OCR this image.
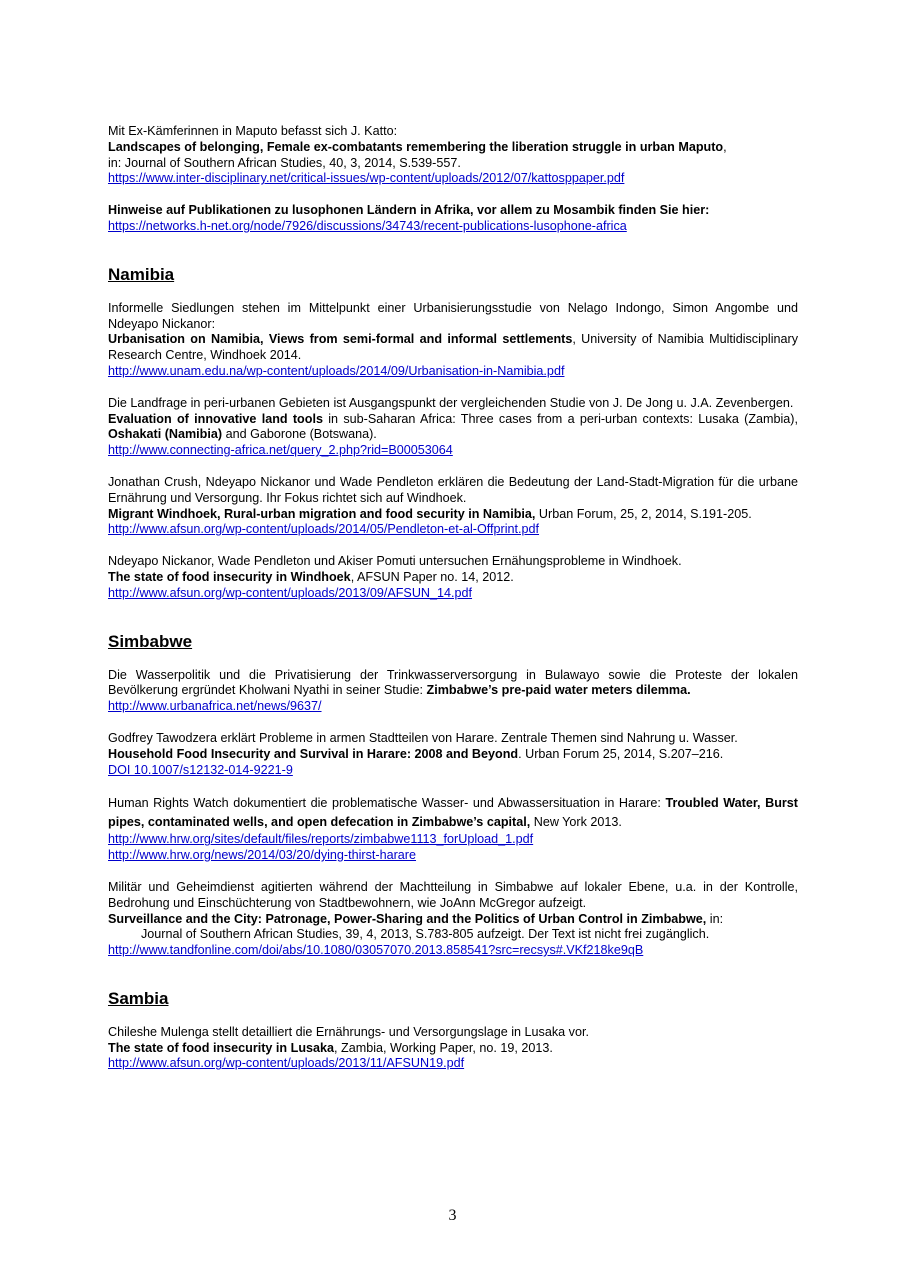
Mit Ex-Kämferinnen in Maputo befasst sich J. Katto:

Landscapes of belonging, Female ex-combatants remembering the liberation struggle in urban Maputo,

in: Journal of Southern African Studies, 40, 3, 2014, S.539-557.

https://www.inter-disciplinary.net/critical-issues/wp-content/uploads/2012/07/kattosppaper.pdf

Hinweise auf Publikationen zu lusophonen Ländern in Afrika, vor allem zu Mosambik finden Sie hier:

https://networks.h-net.org/node/7926/discussions/34743/recent-publications-lusophone-africa

Namibia

Informelle Siedlungen stehen im Mittelpunkt einer Urbanisierungsstudie von Nelago Indongo, Simon Angombe und Ndeyapo Nickanor:

Urbanisation on Namibia, Views from semi-formal and informal settlements, University of Namibia Multidisciplinary Research Centre, Windhoek 2014.

http://www.unam.edu.na/wp-content/uploads/2014/09/Urbanisation-in-Namibia.pdf

Die Landfrage in peri-urbanen Gebieten ist Ausgangspunkt der vergleichenden Studie von J. De Jong u. J.A. Zevenbergen.

Evaluation of innovative land tools in sub-Saharan Africa: Three cases from a peri-urban contexts: Lusaka (Zambia), Oshakati (Namibia) and Gaborone (Botswana).

http://www.connecting-africa.net/query_2.php?rid=B00053064

Jonathan Crush, Ndeyapo Nickanor und Wade Pendleton erklären die Bedeutung der Land-Stadt-Migration für die urbane Ernährung und Versorgung. Ihr Fokus richtet sich auf Windhoek.

Migrant Windhoek, Rural-urban migration and food security in Namibia, Urban Forum, 25, 2, 2014, S.191-205.

http://www.afsun.org/wp-content/uploads/2014/05/Pendleton-et-al-Offprint.pdf

Ndeyapo Nickanor, Wade Pendleton und Akiser Pomuti untersuchen Ernähungsprobleme in Windhoek.

The state of food insecurity in Windhoek, AFSUN Paper no. 14, 2012.

http://www.afsun.org/wp-content/uploads/2013/09/AFSUN_14.pdf

Simbabwe

Die Wasserpolitik und die Privatisierung der Trinkwasserversorgung in Bulawayo sowie die Proteste der lokalen Bevölkerung ergründet Kholwani Nyathi in seiner Studie: Zimbabwe’s pre-paid water meters dilemma.

http://www.urbanafrica.net/news/9637/

Godfrey Tawodzera erklärt Probleme in armen Stadtteilen von Harare. Zentrale Themen sind Nahrung u. Wasser.

Household Food Insecurity and Survival in Harare: 2008 and Beyond. Urban Forum 25, 2014, S.207–216.

DOI 10.1007/s12132-014-9221-9

Human Rights Watch dokumentiert die problematische Wasser- und Abwassersituation in Harare: Troubled Water, Burst pipes, contaminated wells, and open defecation in Zimbabwe’s capital, New York 2013.

http://www.hrw.org/sites/default/files/reports/zimbabwe1113_forUpload_1.pdf

http://www.hrw.org/news/2014/03/20/dying-thirst-harare

Militär und Geheimdienst agitierten während der Machtteilung in Simbabwe auf lokaler Ebene, u.a. in der Kontrolle, Bedrohung und Einschüchterung von Stadtbewohnern, wie JoAnn McGregor aufzeigt.

Surveillance and the City: Patronage, Power-Sharing and the Politics of Urban Control in Zimbabwe, in:

Journal of Southern African Studies, 39, 4, 2013, S.783-805 aufzeigt. Der Text ist nicht frei zugänglich.

http://www.tandfonline.com/doi/abs/10.1080/03057070.2013.858541?src=recsys#.VKf218ke9qB

Sambia

Chileshe Mulenga stellt detailliert die Ernährungs- und Versorgungslage in Lusaka vor.

The state of food insecurity in Lusaka, Zambia, Working Paper, no. 19, 2013.

http://www.afsun.org/wp-content/uploads/2013/11/AFSUN19.pdf

3
